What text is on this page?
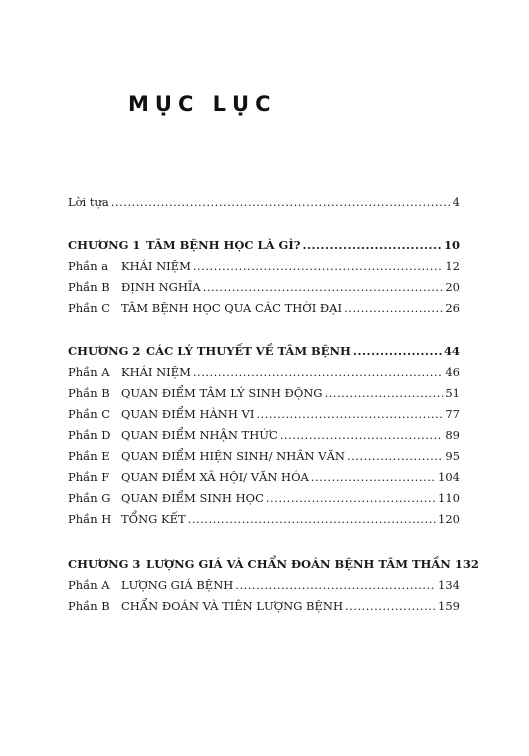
MỤC LỤC
Lời tựa .....	4
CHƯƠNG 1 TÂM BỆNH HỌC LÀ GÌ? .....	10
Phần a	KHÁI NIỆM .....	12
Phần B ĐỊNH NGHĨA .....	20
Phần C TÂM BỆNH HỌC QUA CÁC THỜI ĐẠI .....	26
CHƯƠNG 2 CÁC LÝ THUYẾT VỀ TÂM BỆNH .....	44
Phần A KHÁI NIỆM .....	46
Phần B QUAN ĐIỂM TÂM LÝ SINH ĐỘNG .....	51
Phần C QUAN ĐIỂM HÀNH VI .....	77
Phần D QUAN ĐIỂM NHẬN THỨC .....	89
Phần E QUAN ĐIỂM HIỆN SINH/ NHÂN VĂN .....	95
Phần F	QUAN ĐIỂM XÃ HỘI/ VĂN HÓA .....	104
Phần G QUAN ĐIỂM SINH HỌC .....	110
Phần H TỔNG KẾT .....	120
CHƯƠNG 3 LƯỢNG GIÁ VÀ CHẨN ĐOÁN BỆNH TÂM THẦN 132
Phần A LƯỢNG GIÁ BỆNH .....	134
Phần B CHẨN ĐOÁN VÀ TIÊN LƯỢNG BỆNH .....	159
